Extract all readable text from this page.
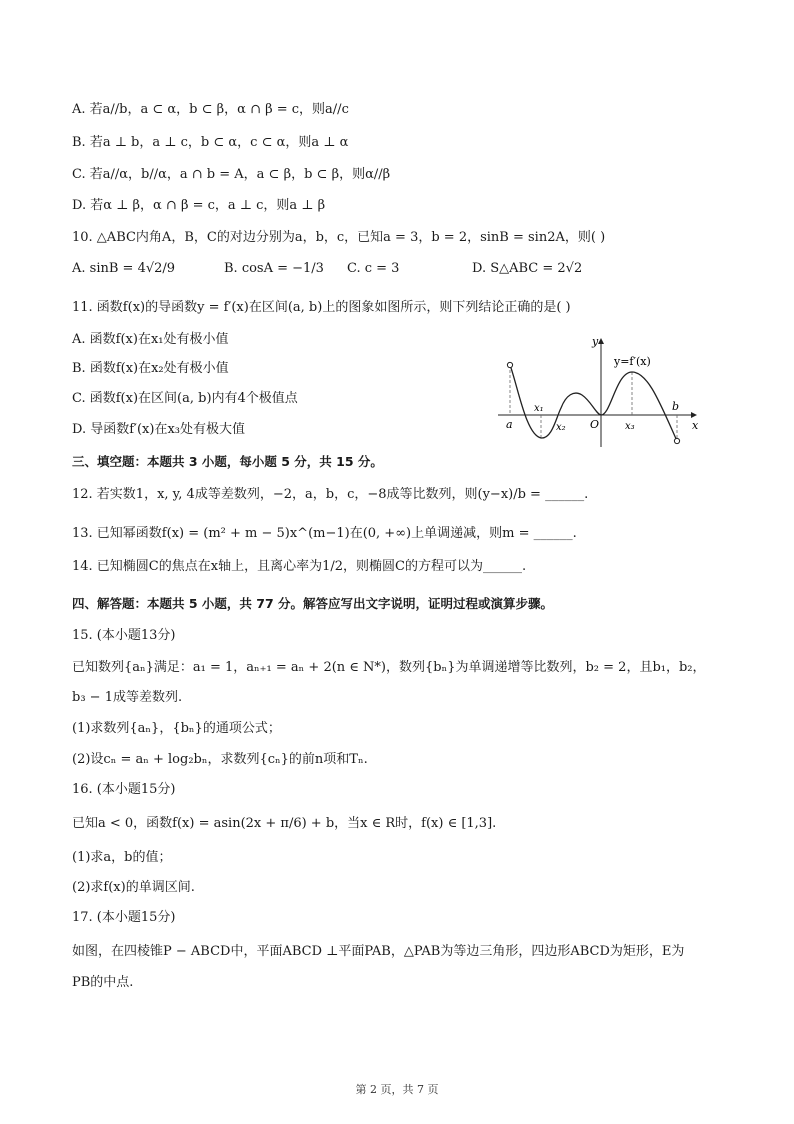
A. 若a//b，a ⊂ α，b ⊂ β，α ∩ β = c，则a//c
B. 若a ⊥ b，a ⊥ c，b ⊂ α，c ⊂ α，则a ⊥ α
C. 若a//α，b//α，a ∩ b = A，a ⊂ β，b ⊂ β，则α//β
D. 若α ⊥ β，α ∩ β = c，a ⊥ c，则a ⊥ β
10. △ABC内角A，B，C的对边分别为a，b，c，已知a = 3，b = 2，sinB = sin2A，则( )
A. sinB = 4√2/9	B. cosA = −1/3 C. c = 3	D. S△ABC = 2√2
11. 函数f(x)的导函数y = f′(x)在区间(a, b)上的图象如图所示，则下列结论正确的是( )
A. 函数f(x)在x₁处有极小值
B. 函数f(x)在x₂处有极小值
C. 函数f(x)在区间(a, b)内有4个极值点
D. 导函数f′(x)在x₃处有极大值
y
x
y=f′(x)
O
a
b
x₁
x₂	x₃
三、填空题：本题共 3 小题，每小题 5 分，共 15 分。
12. 若实数1，x, y, 4成等差数列，−2，a，b，c，−8成等比数列，则(y−x)/b = ______.
13. 已知幂函数f(x) = (m² + m − 5)x^(m−1)在(0, +∞)上单调递减，则m = ______.
14. 已知椭圆C的焦点在x轴上，且离心率为1/2，则椭圆C的方程可以为______.
四、解答题：本题共 5 小题，共 77 分。解答应写出文字说明，证明过程或演算步骤。
15. (本小题13分)
已知数列{aₙ}满足：a₁ = 1，aₙ₊₁ = aₙ + 2(n ∈ N*)，数列{bₙ}为单调递增等比数列，b₂ = 2，且b₁，b₂，
b₃ − 1成等差数列.
(1)求数列{aₙ}，{bₙ}的通项公式；
(2)设cₙ = aₙ + log₂bₙ，求数列{cₙ}的前n项和Tₙ.
16. (本小题15分)
已知a < 0，函数f(x) = asin(2x + π/6) + b，当x ∈ R时，f(x) ∈ [1,3].
(1)求a，b的值；
(2)求f(x)的单调区间.
17. (本小题15分)
如图，在四棱锥P − ABCD中，平面ABCD ⊥平面PAB，△PAB为等边三角形，四边形ABCD为矩形，E为
PB的中点.
第 2 页，共 7 页
